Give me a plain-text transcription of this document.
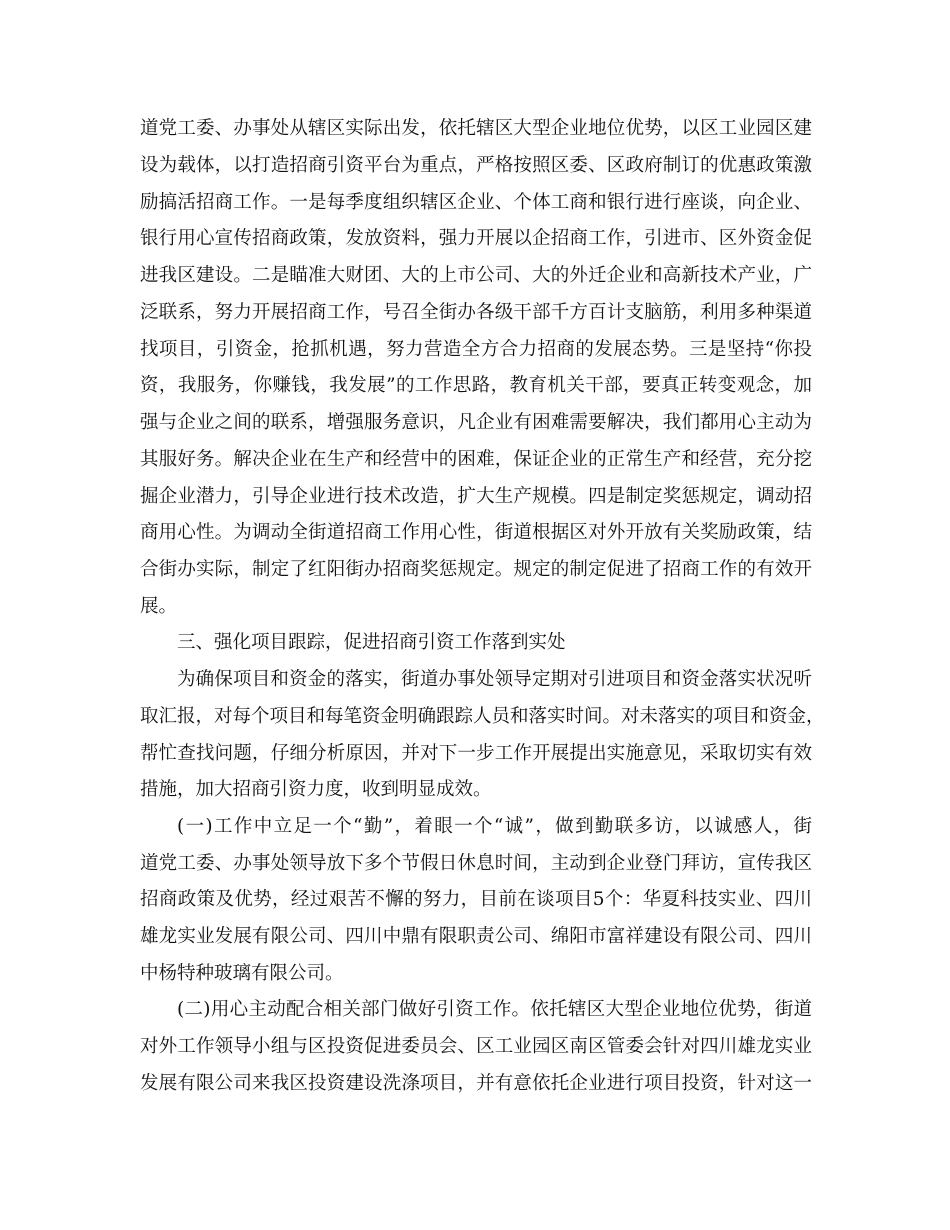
道党工委、办事处从辖区实际出发，依托辖区大型企业地位优势，以区工业园区建
设为载体，以打造招商引资平台为重点，严格按照区委、区政府制订的优惠政策激
励搞活招商工作。一是每季度组织辖区企业、个体工商和银行进行座谈，向企业、
银行用心宣传招商政策，发放资料，强力开展以企招商工作，引进市、区外资金促
进我区建设。二是瞄准大财团、大的上市公司、大的外迁企业和高新技术产业，广
泛联系，努力开展招商工作，号召全街办各级干部千方百计支脑筋，利用多种渠道
找项目，引资金，抢抓机遇，努力营造全方合力招商的发展态势。三是坚持“你投
资，我服务，你赚钱，我发展”的工作思路，教育机关干部，要真正转变观念，加
强与企业之间的联系，增强服务意识，凡企业有困难需要解决，我们都用心主动为
其服好务。解决企业在生产和经营中的困难，保证企业的正常生产和经营，充分挖
掘企业潜力，引导企业进行技术改造，扩大生产规模。四是制定奖惩规定，调动招
商用心性。为调动全街道招商工作用心性，街道根据区对外开放有关奖励政策，结
合街办实际，制定了红阳街办招商奖惩规定。规定的制定促进了招商工作的有效开
展。
三、强化项目跟踪，促进招商引资工作落到实处
为确保项目和资金的落实，街道办事处领导定期对引进项目和资金落实状况听
取汇报，对每个项目和每笔资金明确跟踪人员和落实时间。对未落实的项目和资金，
帮忙查找问题，仔细分析原因，并对下一步工作开展提出实施意见，采取切实有效
措施，加大招商引资力度，收到明显成效。
(一)工作中立足一个“勤”，着眼一个“诚”，做到勤联多访，以诚感人，街
道党工委、办事处领导放下多个节假日休息时间，主动到企业登门拜访，宣传我区
招商政策及优势，经过艰苦不懈的努力，目前在谈项目5个：华夏科技实业、四川
雄龙实业发展有限公司、四川中鼎有限职责公司、绵阳市富祥建设有限公司、四川
中杨特种玻璃有限公司。
(二)用心主动配合相关部门做好引资工作。依托辖区大型企业地位优势，街道
对外工作领导小组与区投资促进委员会、区工业园区南区管委会针对四川雄龙实业
发展有限公司来我区投资建设洗涤项目，并有意依托企业进行项目投资，针对这一
